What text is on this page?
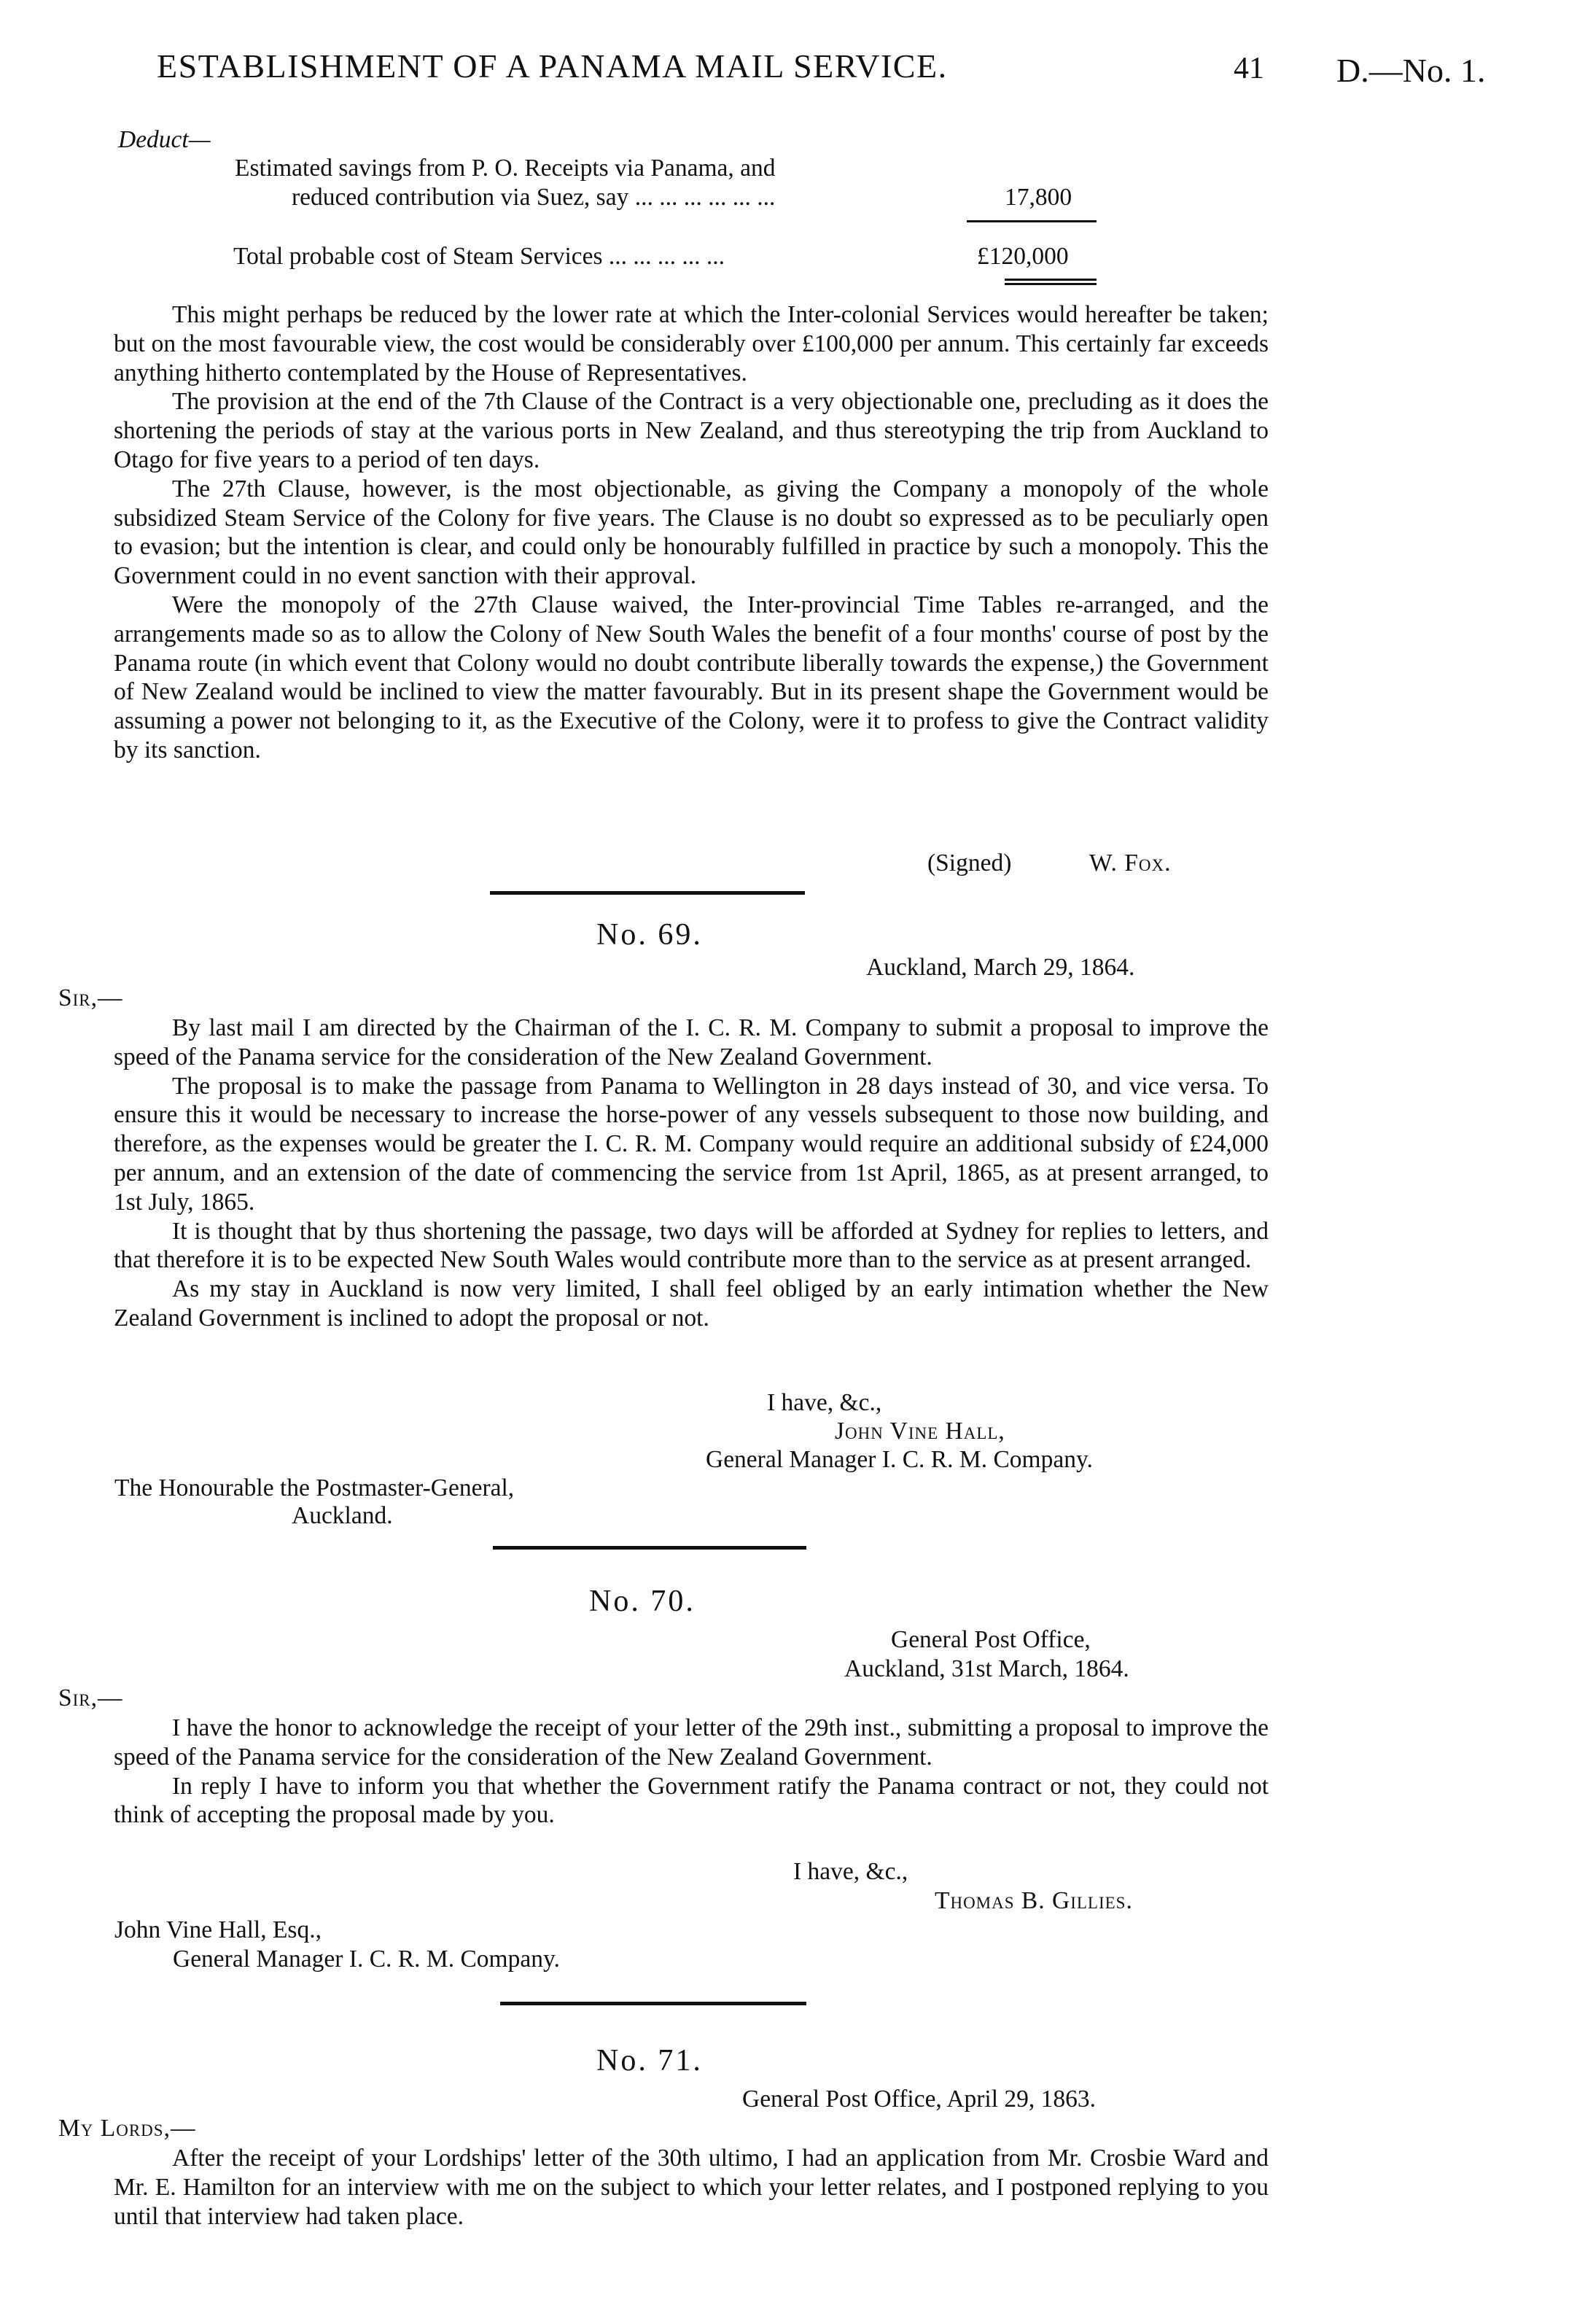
ESTABLISHMENT OF A PANAMA MAIL SERVICE.	41 D.—No. 1.
Deduct—
Estimated savings from P. O. Receipts via Panama, and
reduced contribution via Suez, say ... ... ... ... ... ...	17,800
Total probable cost of Steam Services ... ... ... ... ...	£120,000

This might perhaps be reduced by the lower rate at which the Inter-colonial Services would hereafter be taken; but on the most favourable view, the cost would be considerably over £100,000 per annum. This certainly far exceeds anything hitherto contemplated by the House of Representatives.

The provision at the end of the 7th Clause of the Contract is a very objectionable one, precluding as it does the shortening the periods of stay at the various ports in New Zealand, and thus stereotyping the trip from Auckland to Otago for five years to a period of ten days.

The 27th Clause, however, is the most objectionable, as giving the Company a monopoly of the whole subsidized Steam Service of the Colony for five years. The Clause is no doubt so expressed as to be peculiarly open to evasion; but the intention is clear, and could only be honourably fulfilled in practice by such a monopoly. This the Government could in no event sanction with their approval.

Were the monopoly of the 27th Clause waived, the Inter-provincial Time Tables re-arranged, and the arrangements made so as to allow the Colony of New South Wales the benefit of a four months' course of post by the Panama route (in which event that Colony would no doubt contribute liberally towards the expense,) the Government of New Zealand would be inclined to view the matter favourably. But in its present shape the Government would be assuming a power not belonging to it, as the Executive of the Colony, were it to profess to give the Contract validity by its sanction.

(Signed)	W. Fox.
No. 69.
Auckland, March 29, 1864.
Sir,—

By last mail I am directed by the Chairman of the I. C. R. M. Company to submit a proposal to improve the speed of the Panama service for the consideration of the New Zealand Government.

The proposal is to make the passage from Panama to Wellington in 28 days instead of 30, and vice versa. To ensure this it would be necessary to increase the horse-power of any vessels subsequent to those now building, and therefore, as the expenses would be greater the I. C. R. M. Company would require an additional subsidy of £24,000 per annum, and an extension of the date of commencing the service from 1st April, 1865, as at present arranged, to 1st July, 1865.

It is thought that by thus shortening the passage, two days will be afforded at Sydney for replies to letters, and that therefore it is to be expected New South Wales would contribute more than to the service as at present arranged.

As my stay in Auckland is now very limited, I shall feel obliged by an early intimation whether the New Zealand Government is inclined to adopt the proposal or not.

I have, &c.,
John Vine Hall,
General Manager I. C. R. M. Company.
The Honourable the Postmaster-General,
Auckland.
No. 70.
General Post Office,
Auckland, 31st March, 1864.
Sir,—

I have the honor to acknowledge the receipt of your letter of the 29th inst., submitting a proposal to improve the speed of the Panama service for the consideration of the New Zealand Government.

In reply I have to inform you that whether the Government ratify the Panama contract or not, they could not think of accepting the proposal made by you.

I have, &c.,
Thomas B. Gillies.
John Vine Hall, Esq.,
General Manager I. C. R. M. Company.
No. 71.
General Post Office, April 29, 1863.
My Lords,—

After the receipt of your Lordships' letter of the 30th ultimo, I had an application from Mr. Crosbie Ward and Mr. E. Hamilton for an interview with me on the subject to which your letter relates, and I postponed replying to you until that interview had taken place.
